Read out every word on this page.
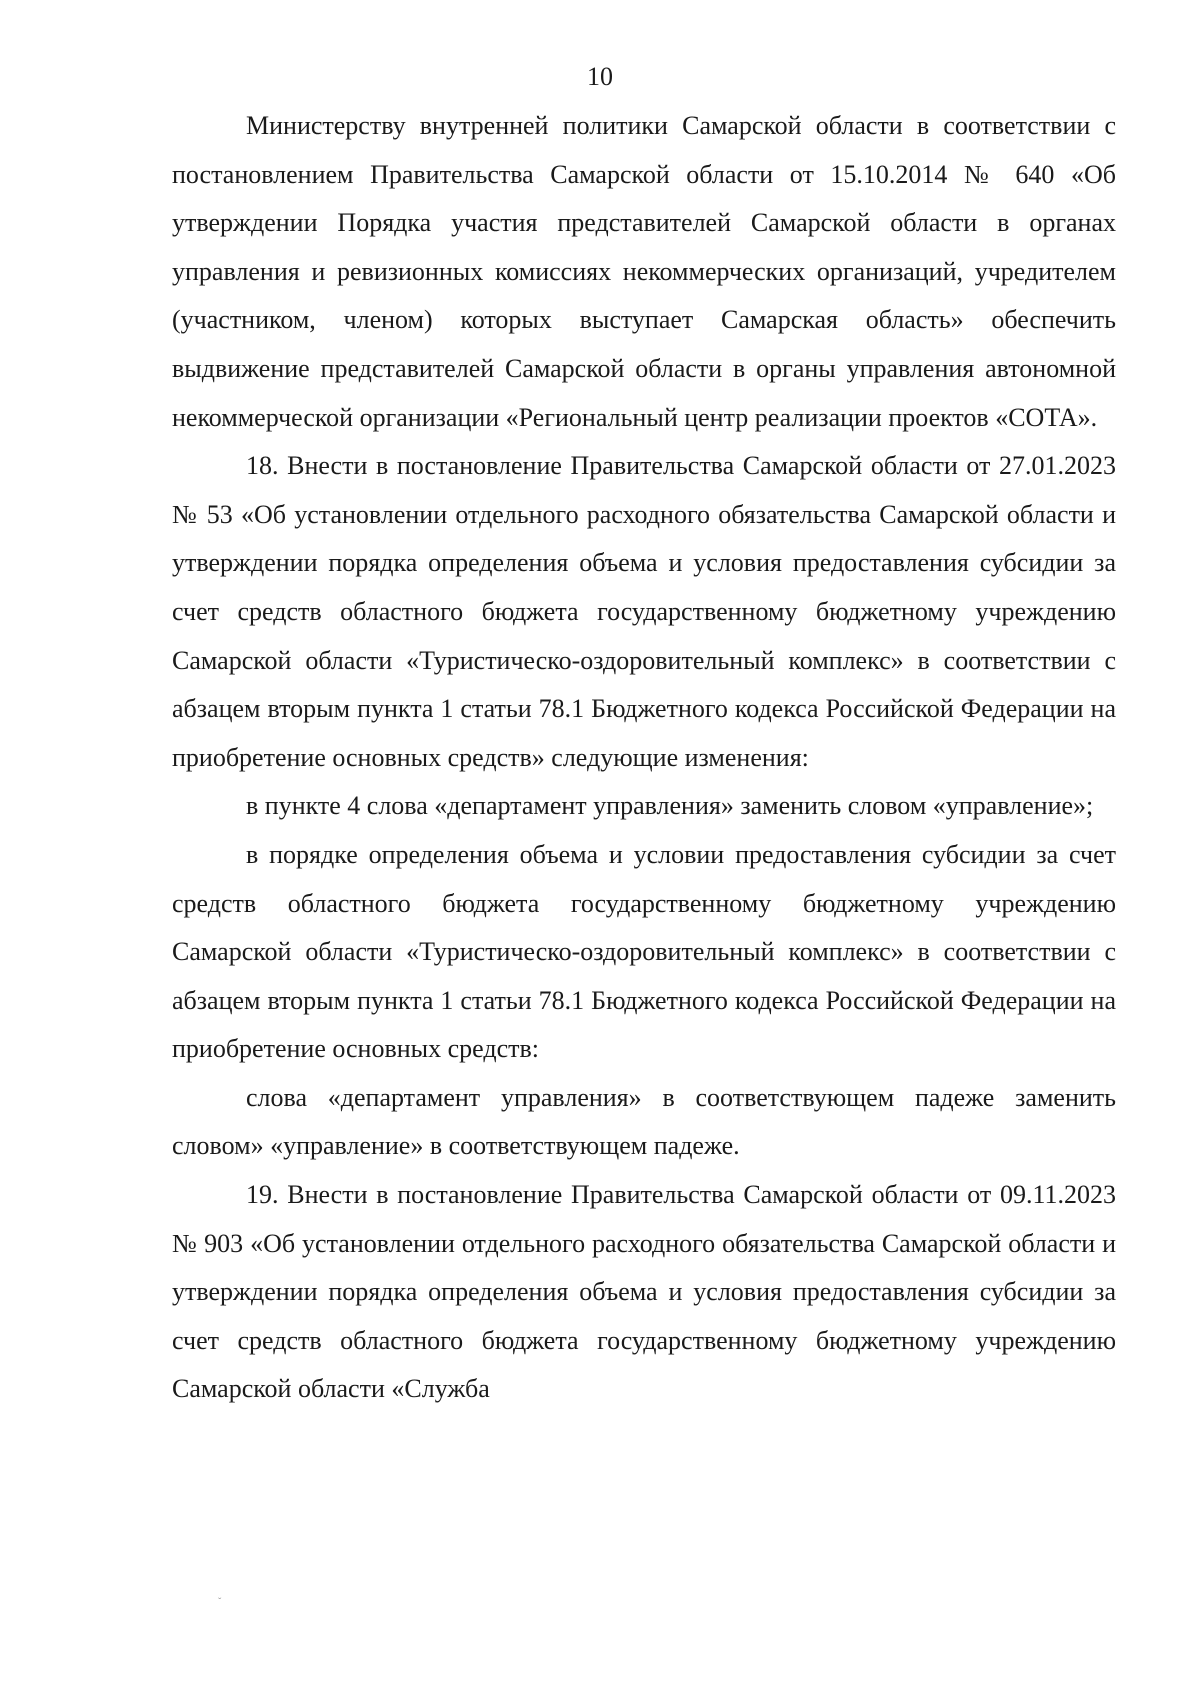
10

Министерству внутренней политики Самарской области в соответствии с постановлением Правительства Самарской области от 15.10.2014 № 640 «Об утверждении Порядка участия представителей Самарской области в органах управления и ревизионных комиссиях некоммерческих организаций, учредителем (участником, членом) которых выступает Самарская область» обеспечить выдвижение представителей Самарской области в органы управления автономной некоммерческой организации «Региональный центр реализации проектов «СОТА».

18. Внести в постановление Правительства Самарской области от 27.01.2023 № 53 «Об установлении отдельного расходного обязательства Самарской области и утверждении порядка определения объема и условия предоставления субсидии за счет средств областного бюджета государственному бюджетному учреждению Самарской области «Туристическо-оздоровительный комплекс» в соответствии с абзацем вторым пункта 1 статьи 78.1 Бюджетного кодекса Российской Федерации на приобретение основных средств» следующие изменения:

в пункте 4 слова «департамент управления» заменить словом «управление»;

в порядке определения объема и условии предоставления субсидии за счет средств областного бюджета государственному бюджетному учреждению Самарской области «Туристическо-оздоровительный комплекс» в соответствии с абзацем вторым пункта 1 статьи 78.1 Бюджетного кодекса Российской Федерации на приобретение основных средств:

слова «департамент управления» в соответствующем падеже заменить словом» «управление» в соответствующем падеже.

19. Внести в постановление Правительства Самарской области от 09.11.2023 № 903 «Об установлении отдельного расходного обязательства Самарской области и утверждении порядка определения объема и условия предоставления субсидии за счет средств областного бюджета государственному бюджетному учреждению Самарской области «Служба

ˇ
